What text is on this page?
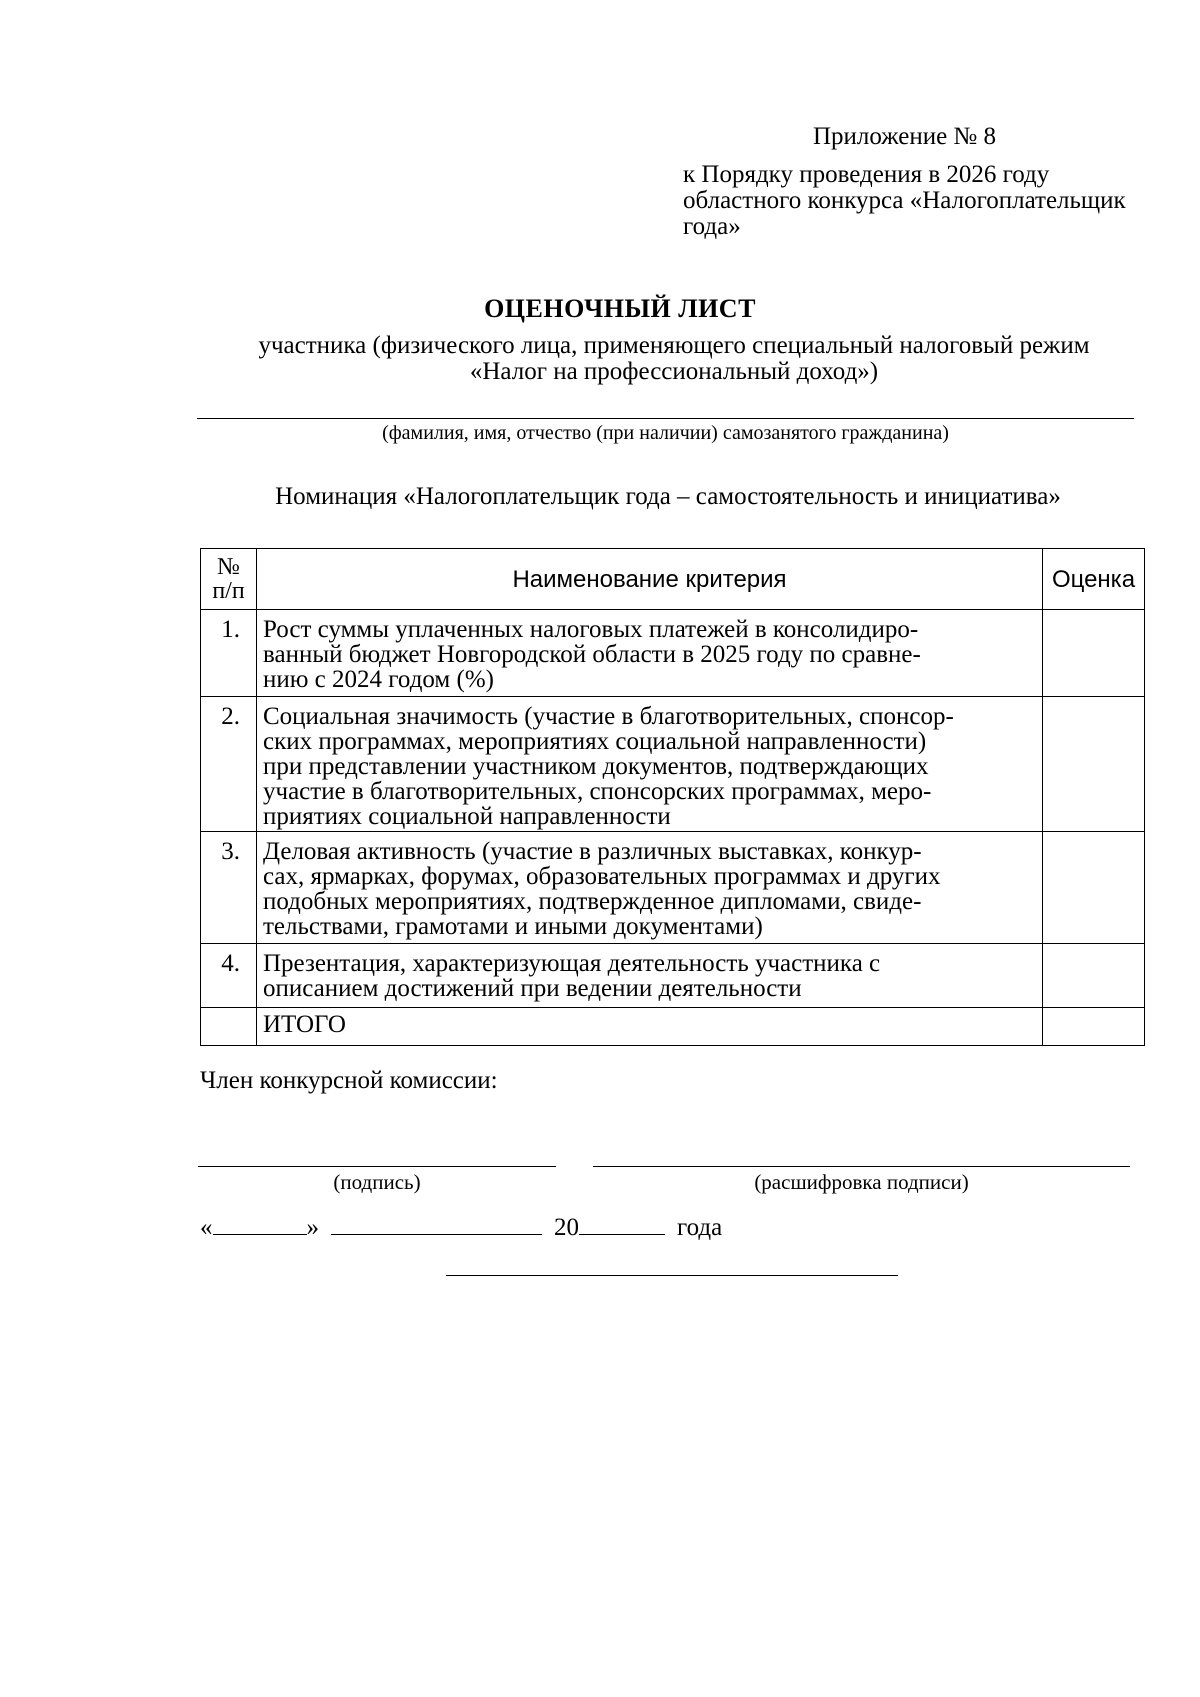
Приложение № 8
к Порядку проведения в 2026 году
областного конкурса «Налогоплательщик
года»
ОЦЕНОЧНЫЙ ЛИСТ
участника (физического лица, применяющего специальный налоговый режим
«Налог на профессиональный доход»)
(фамилия, имя, отчество (при наличии) самозанятого гражданина)
Номинация «Налогоплательщик года – самостоятельность и инициатива»
№
п/п	Наименование критерия	Оценка
1.	Рост суммы уплаченных налоговых платежей в консолидиро-
ванный бюджет Новгородской области в 2025 году по сравне-
нию с 2024 годом (%)	

2.	Социальная значимость (участие в благотворительных, спонсор-
ских программах, мероприятиях социальной направленности)
при представлении участником документов, подтверждающих
участие в благотворительных, спонсорских программах, меро-
приятиях социальной направленности	

3.	Деловая активность (участие в различных выставках, конкур-
сах, ярмарках, форумах, образовательных программах и других
подобных мероприятиях, подтвержденное дипломами, свиде-
тельствами, грамотами и иными документами)	

4.	Презентация, характеризующая деятельность участника с
описанием достижений при ведении деятельности	

	ИТОГО	
Член конкурсной комиссии:
(подпись)	(расшифровка подписи)
«	»	20	года
